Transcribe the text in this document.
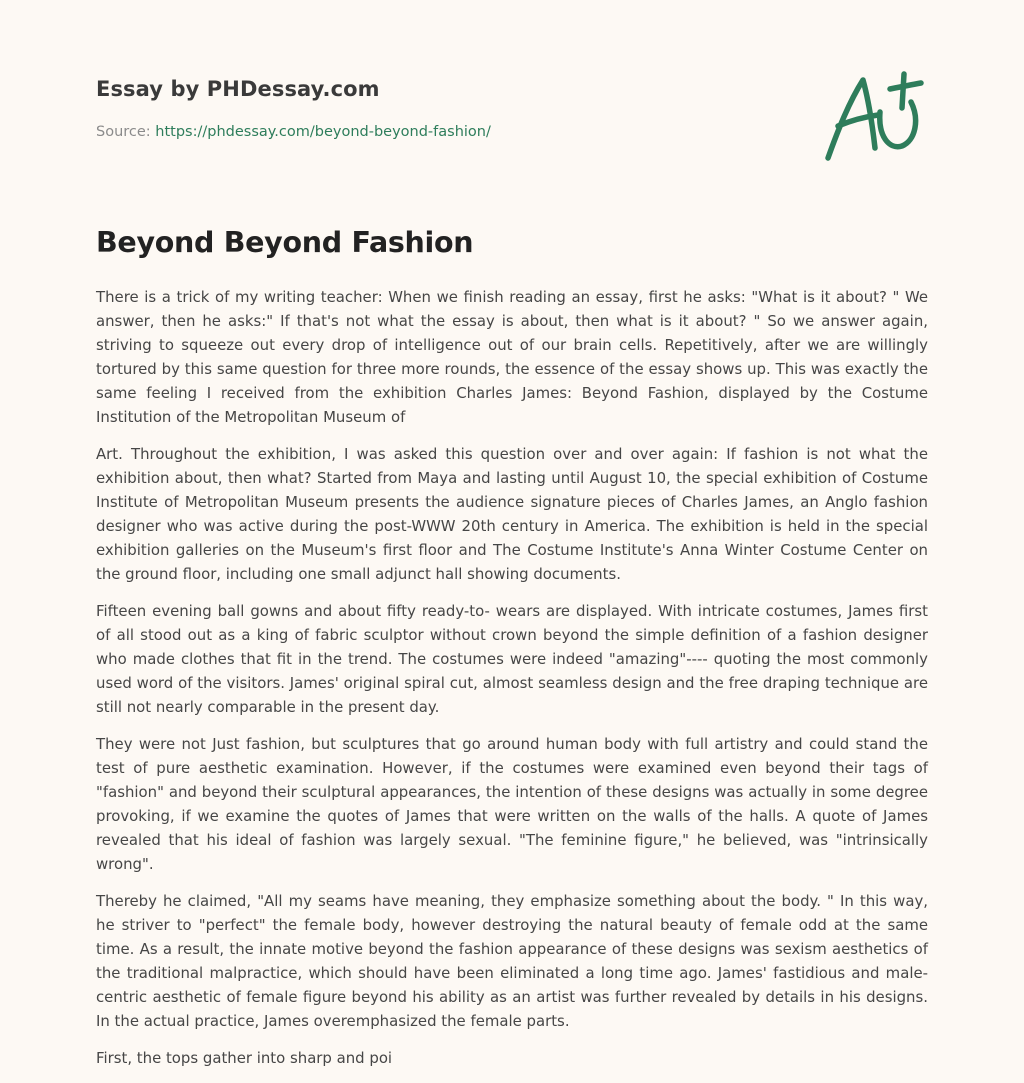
Essay by PHDessay.com
Source: https://phdessay.com/beyond-beyond-fashion/
Beyond Beyond Fashion

There is a trick of my writing teacher: When we finish reading an essay, first he asks: "What is it about? " We answer, then he asks:" If that's not what the essay is about, then what is it about? " So we answer again, striving to squeeze out every drop of intelligence out of our brain cells. Repetitively, after we are willingly tortured by this same question for three more rounds, the essence of the essay shows up. This was exactly the same feeling I received from the exhibition Charles James: Beyond Fashion, displayed by the Costume Institution of the Metropolitan Museum of

Art. Throughout the exhibition, I was asked this question over and over again: If fashion is not what the exhibition about, then what? Started from Maya and lasting until August 10, the special exhibition of Costume Institute of Metropolitan Museum presents the audience signature pieces of Charles James, an Anglo fashion designer who was active during the post-WWW 20th century in America. The exhibition is held in the special exhibition galleries on the Museum's first floor and The Costume Institute's Anna Winter Costume Center on the ground floor, including one small adjunct hall showing documents.

Fifteen evening ball gowns and about fifty ready-to- wears are displayed. With intricate costumes, James first of all stood out as a king of fabric sculptor without crown beyond the simple definition of a fashion designer who made clothes that fit in the trend. The costumes were indeed "amazing"---- quoting the most commonly used word of the visitors. James' original spiral cut, almost seamless design and the free draping technique are still not nearly comparable in the present day.

They were not Just fashion, but sculptures that go around human body with full artistry and could stand the test of pure aesthetic examination. However, if the costumes were examined even beyond their tags of "fashion" and beyond their sculptural appearances, the intention of these designs was actually in some degree provoking, if we examine the quotes of James that were written on the walls of the halls. A quote of James revealed that his ideal of fashion was largely sexual. "The feminine figure," he believed, was "intrinsically wrong".

Thereby he claimed, "All my seams have meaning, they emphasize something about the body. " In this way, he striver to "perfect" the female body, however destroying the natural beauty of female odd at the same time. As a result, the innate motive beyond the fashion appearance of these designs was sexism aesthetics of the traditional malpractice, which should have been eliminated a long time ago. James' fastidious and male-centric aesthetic of female figure beyond his ability as an artist was further revealed by details in his designs. In the actual practice, James overemphasized the female parts.

First, the tops gather into sharp and poi
